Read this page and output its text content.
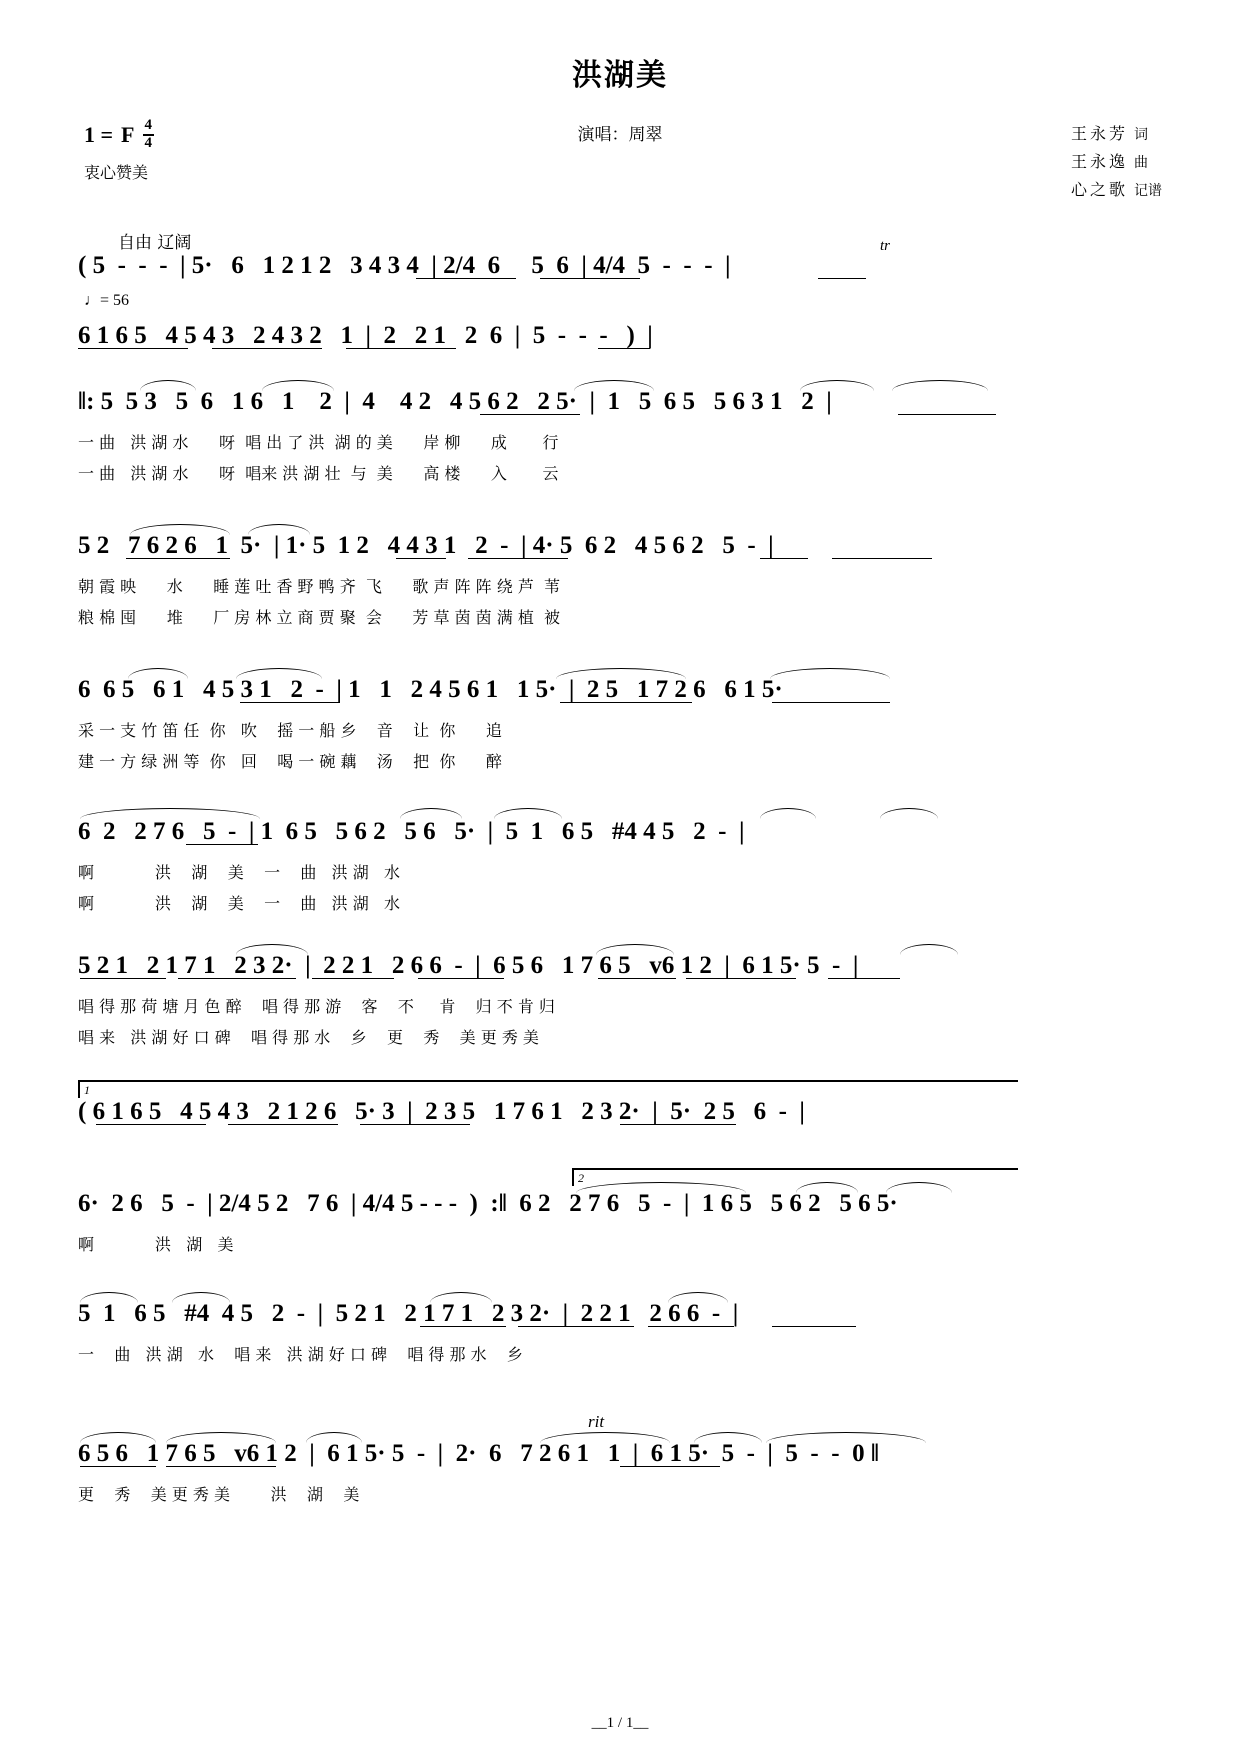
洪湖美
演唱：周翠
1 = F $\frac{4}{4}$
衷心赞美
王永芳 词
王永逸 曲
心之歌 记谱
自由 辽阔
♩= 56
tr
( 5  -  -  -  | 5·   6   1 2 1 2   3 4 3 4  | 2/4  6     5  6  | 4/4  5  -  -  -  |
6 1 6 5   4 5 4 3   2 4 3 2   1  |  2   2 1   2  6  |  5  -  -  -   )  |
‖: 5  5 3   5  6   1 6   1    2  |  4    4 2   4 5 6 2   2 5·  |  1   5  6 5   5 6 3 1   2  |
一 曲   洪 湖 水      呀  唱 出 了 洪  湖 的 美      岸 柳      成       行
一 曲   洪 湖 水      呀  唱来 洪 湖 壮  与  美      高 楼      入       云
5 2   7 6 2 6   1  5·  | 1· 5  1 2   4 4 3 1   2  -  | 4· 5  6 2   4 5 6 2   5  -  |
朝 霞 映      水      睡 莲 吐 香 野 鸭 齐  飞      歌 声 阵 阵 绕 芦  苇
粮 棉 囤      堆      厂 房 林 立 商 贾 聚  会      芳 草 茵 茵 满 植  被
6  6 5   6 1   4 5 3 1   2  -  | 1   1   2 4 5 6 1   1 5·  |  2 5   1 7 2 6   6 1 5·
采 一 支 竹 笛 任  你   吹    摇 一 船 乡    音    让  你      追
建 一 方 绿 洲 等  你   回    喝 一 碗 藕    汤    把  你      醉
6  2   2 7 6   5  -  | 1  6 5   5 6 2   5 6   5·  |  5  1   6 5   #4 4 5   2  -  |
啊            洪    湖    美    一    曲   洪 湖   水
啊            洪    湖    美    一    曲   洪 湖   水
5 2 1   2 1 7 1   2 3 2·  |  2 2 1   2 6 6  -  |  6 5 6   1 7 6 5   v6 1 2  |  6 1 5· 5  -  |
唱 得 那 荷 塘 月 色 醉    唱 得 那 游    客    不     肯    归 不 肯 归
唱 来   洪 湖 好 口 碑    唱 得 那 水    乡    更    秀    美 更 秀 美
1
( 6 1 6 5   4 5 4 3   2 1 2 6   5· 3  |  2 3 5   1 7 6 1   2 3 2·  |  5·  2 5   6  -  |
2
6·  2 6   5  -  | 2/4 5 2   7 6  | 4/4 5 - - -  )  :‖  6 2   2 7 6   5  -  |  1 6 5   5 6 2   5 6 5·
啊            洪   湖   美
5  1   6 5   #4  4 5   2  -  |  5 2 1   2 1 7 1   2 3 2·  |  2 2 1   2 6 6  -  |
一    曲   洪 湖   水    唱 来   洪 湖 好 口 碑    唱 得 那 水    乡
rit
6 5 6   1 7 6 5   v6 1 2  |  6 1 5· 5  -  |  2·  6   7 2 6 1   1  |  6 1 5·  5  -  |  5  -  -  0 ‖
更    秀    美 更 秀 美        洪    湖    美
__1 / 1__
